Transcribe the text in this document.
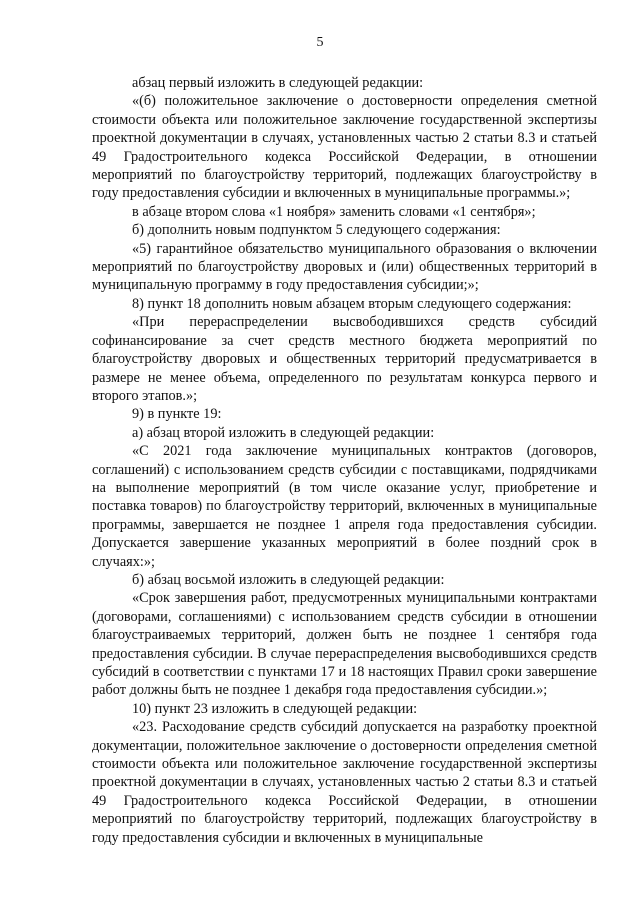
5

абзац первый изложить в следующей редакции:

«(б) положительное заключение о достоверности определения сметной стоимости объекта или положительное заключение государственной экспертизы проектной документации в случаях, установленных частью 2 статьи 8.3 и статьей 49 Градостроительного кодекса Российской Федерации, в отношении мероприятий по благоустройству территорий, подлежащих благоустройству в году предоставления субсидии и включенных в муниципальные программы.»;

в абзаце втором слова «1 ноября» заменить словами «1 сентября»;

б) дополнить новым подпунктом 5 следующего содержания:

«5) гарантийное обязательство муниципального образования о включении мероприятий по благоустройству дворовых и (или) общественных территорий в муниципальную программу в году предоставления субсидии;»;

8) пункт 18 дополнить новым абзацем вторым следующего содержания:

«При перераспределении высвободившихся средств субсидий софинансирование за счет средств местного бюджета мероприятий по благоустройству дворовых и общественных территорий предусматривается в размере не менее объема, определенного по результатам конкурса первого и второго этапов.»;

9) в пункте 19:

а) абзац второй изложить в следующей редакции:

«С 2021 года заключение муниципальных контрактов (договоров, соглашений) с использованием средств субсидии с поставщиками, подрядчиками на выполнение мероприятий (в том числе оказание услуг, приобретение и поставка товаров) по благоустройству территорий, включенных в муниципальные программы, завершается не позднее 1 апреля года предоставления субсидии. Допускается завершение указанных мероприятий в более поздний срок в случаях:»;

б) абзац восьмой изложить в следующей редакции:

«Срок завершения работ, предусмотренных муниципальными контрактами (договорами, соглашениями) с использованием средств субсидии в отношении благоустраиваемых территорий, должен быть не позднее 1 сентября года предоставления субсидии. В случае перераспределения высвободившихся средств субсидий в соответствии с пунктами 17 и 18 настоящих Правил сроки завершение работ должны быть не позднее 1 декабря года предоставления субсидии.»;

10) пункт 23 изложить в следующей редакции:

«23. Расходование средств субсидий допускается на разработку проектной документации, положительное заключение о достоверности определения сметной стоимости объекта или положительное заключение государственной экспертизы проектной документации в случаях, установленных частью 2 статьи 8.3 и статьей 49 Градостроительного кодекса Российской Федерации, в отношении мероприятий по благоустройству территорий, подлежащих благоустройству в году предоставления субсидии и включенных в муниципальные
